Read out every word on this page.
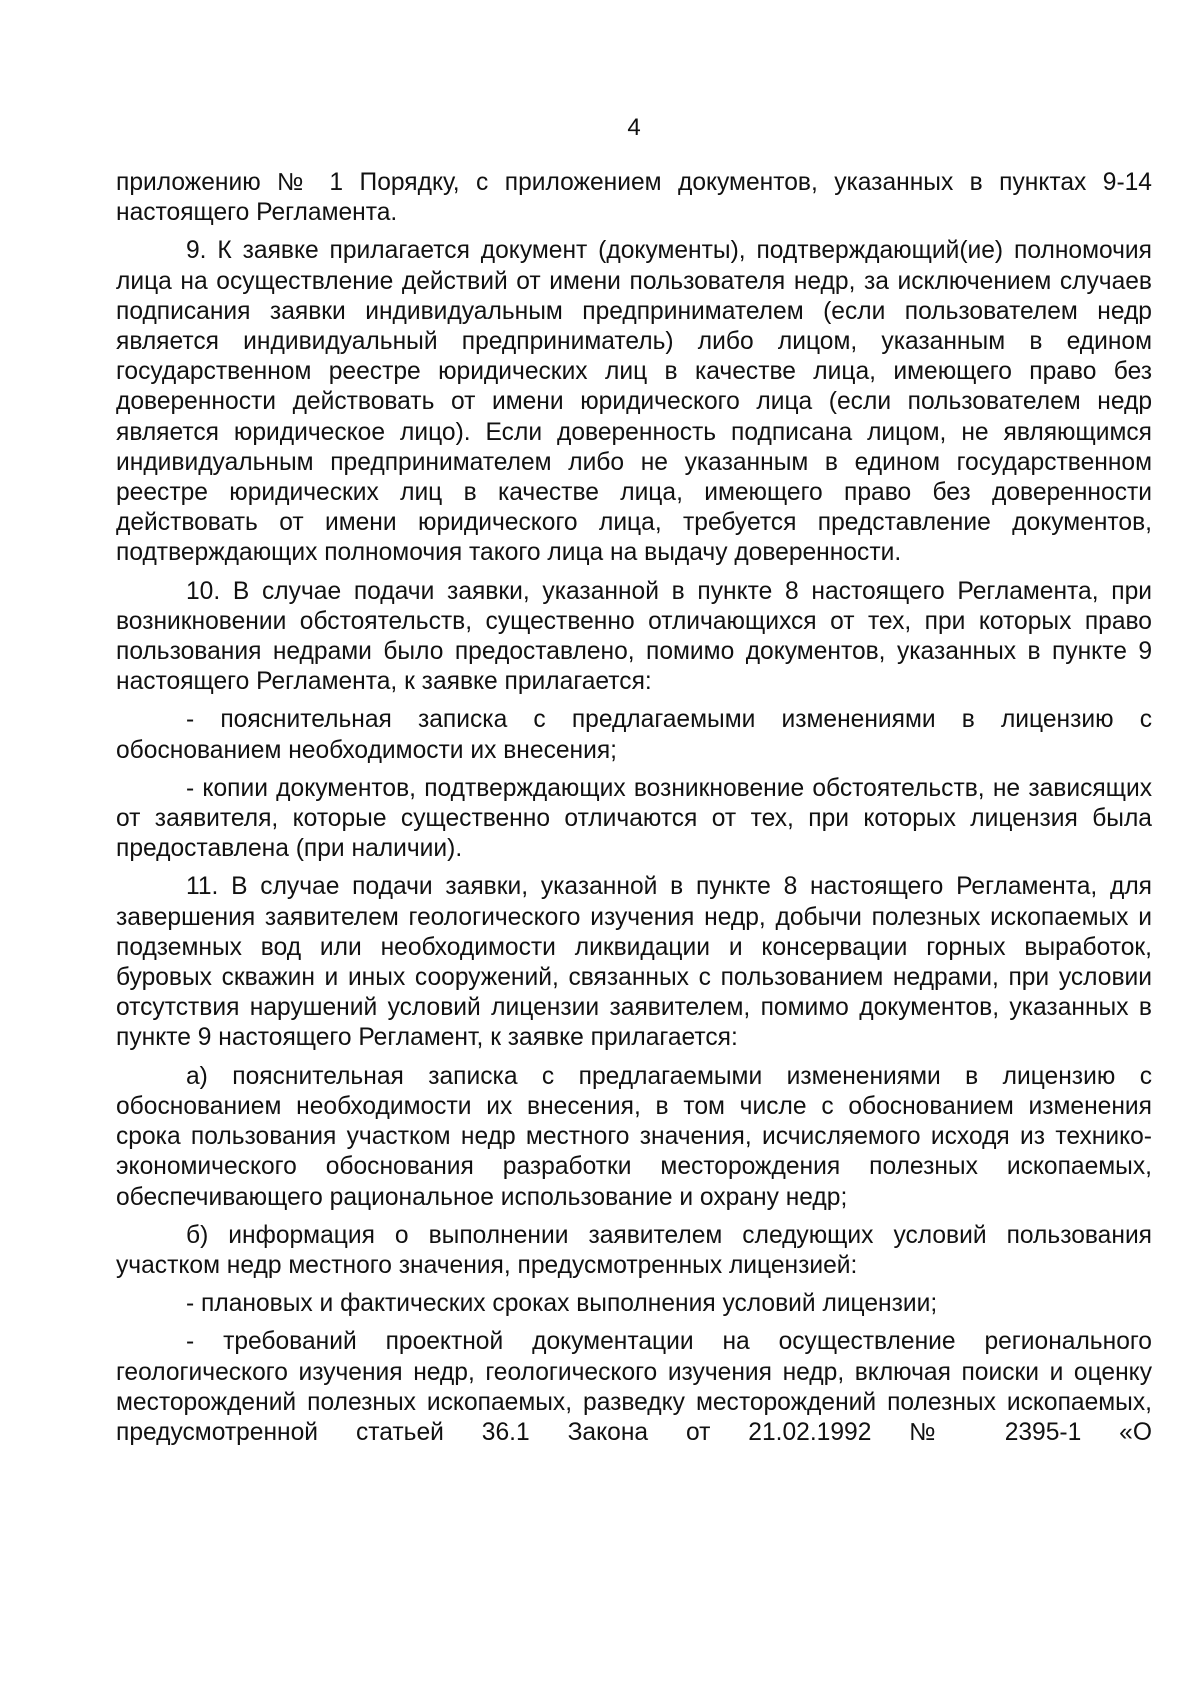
4

приложению № 1 Порядку, с приложением документов, указанных в пунктах 9-14 настоящего Регламента.

9. К заявке прилагается документ (документы), подтверждающий(ие) полномочия лица на осуществление действий от имени пользователя недр, за исключением случаев подписания заявки индивидуальным предпринимателем (если пользователем недр является индивидуальный предприниматель) либо лицом, указанным в едином государственном реестре юридических лиц в качестве лица, имеющего право без доверенности действовать от имени юридического лица (если пользователем недр является юридическое лицо). Если доверенность подписана лицом, не являющимся индивидуальным предпринимателем либо не указанным в едином государственном реестре юридических лиц в качестве лица, имеющего право без доверенности действовать от имени юридического лица, требуется представление документов, подтверждающих полномочия такого лица на выдачу доверенности.

10. В случае подачи заявки, указанной в пункте 8 настоящего Регламента, при возникновении обстоятельств, существенно отличающихся от тех, при которых право пользования недрами было предоставлено, помимо документов, указанных в пункте 9 настоящего Регламента, к заявке прилагается:

- пояснительная записка с предлагаемыми изменениями в лицензию с обоснованием необходимости их внесения;

- копии документов, подтверждающих возникновение обстоятельств, не зависящих от заявителя, которые существенно отличаются от тех, при которых лицензия была предоставлена (при наличии).

11. В случае подачи заявки, указанной в пункте 8 настоящего Регламента, для завершения заявителем геологического изучения недр, добычи полезных ископаемых и подземных вод или необходимости ликвидации и консервации горных выработок, буровых скважин и иных сооружений, связанных с пользованием недрами, при условии отсутствия нарушений условий лицензии заявителем, помимо документов, указанных в пункте 9 настоящего Регламент, к заявке прилагается:

а) пояснительная записка с предлагаемыми изменениями в лицензию с обоснованием необходимости их внесения, в том числе с обоснованием изменения срока пользования участком недр местного значения, исчисляемого исходя из технико-экономического обоснования разработки месторождения полезных ископаемых, обеспечивающего рациональное использование и охрану недр;

б) информация о выполнении заявителем следующих условий пользования участком недр местного значения, предусмотренных лицензией:

- плановых и фактических сроках выполнения условий лицензии;

- требований проектной документации на осуществление регионального геологического изучения недр, геологического изучения недр, включая поиски и оценку месторождений полезных ископаемых, разведку месторождений полезных ископаемых, предусмотренной статьей 36.1 Закона от 21.02.1992 № 2395-1 «О
